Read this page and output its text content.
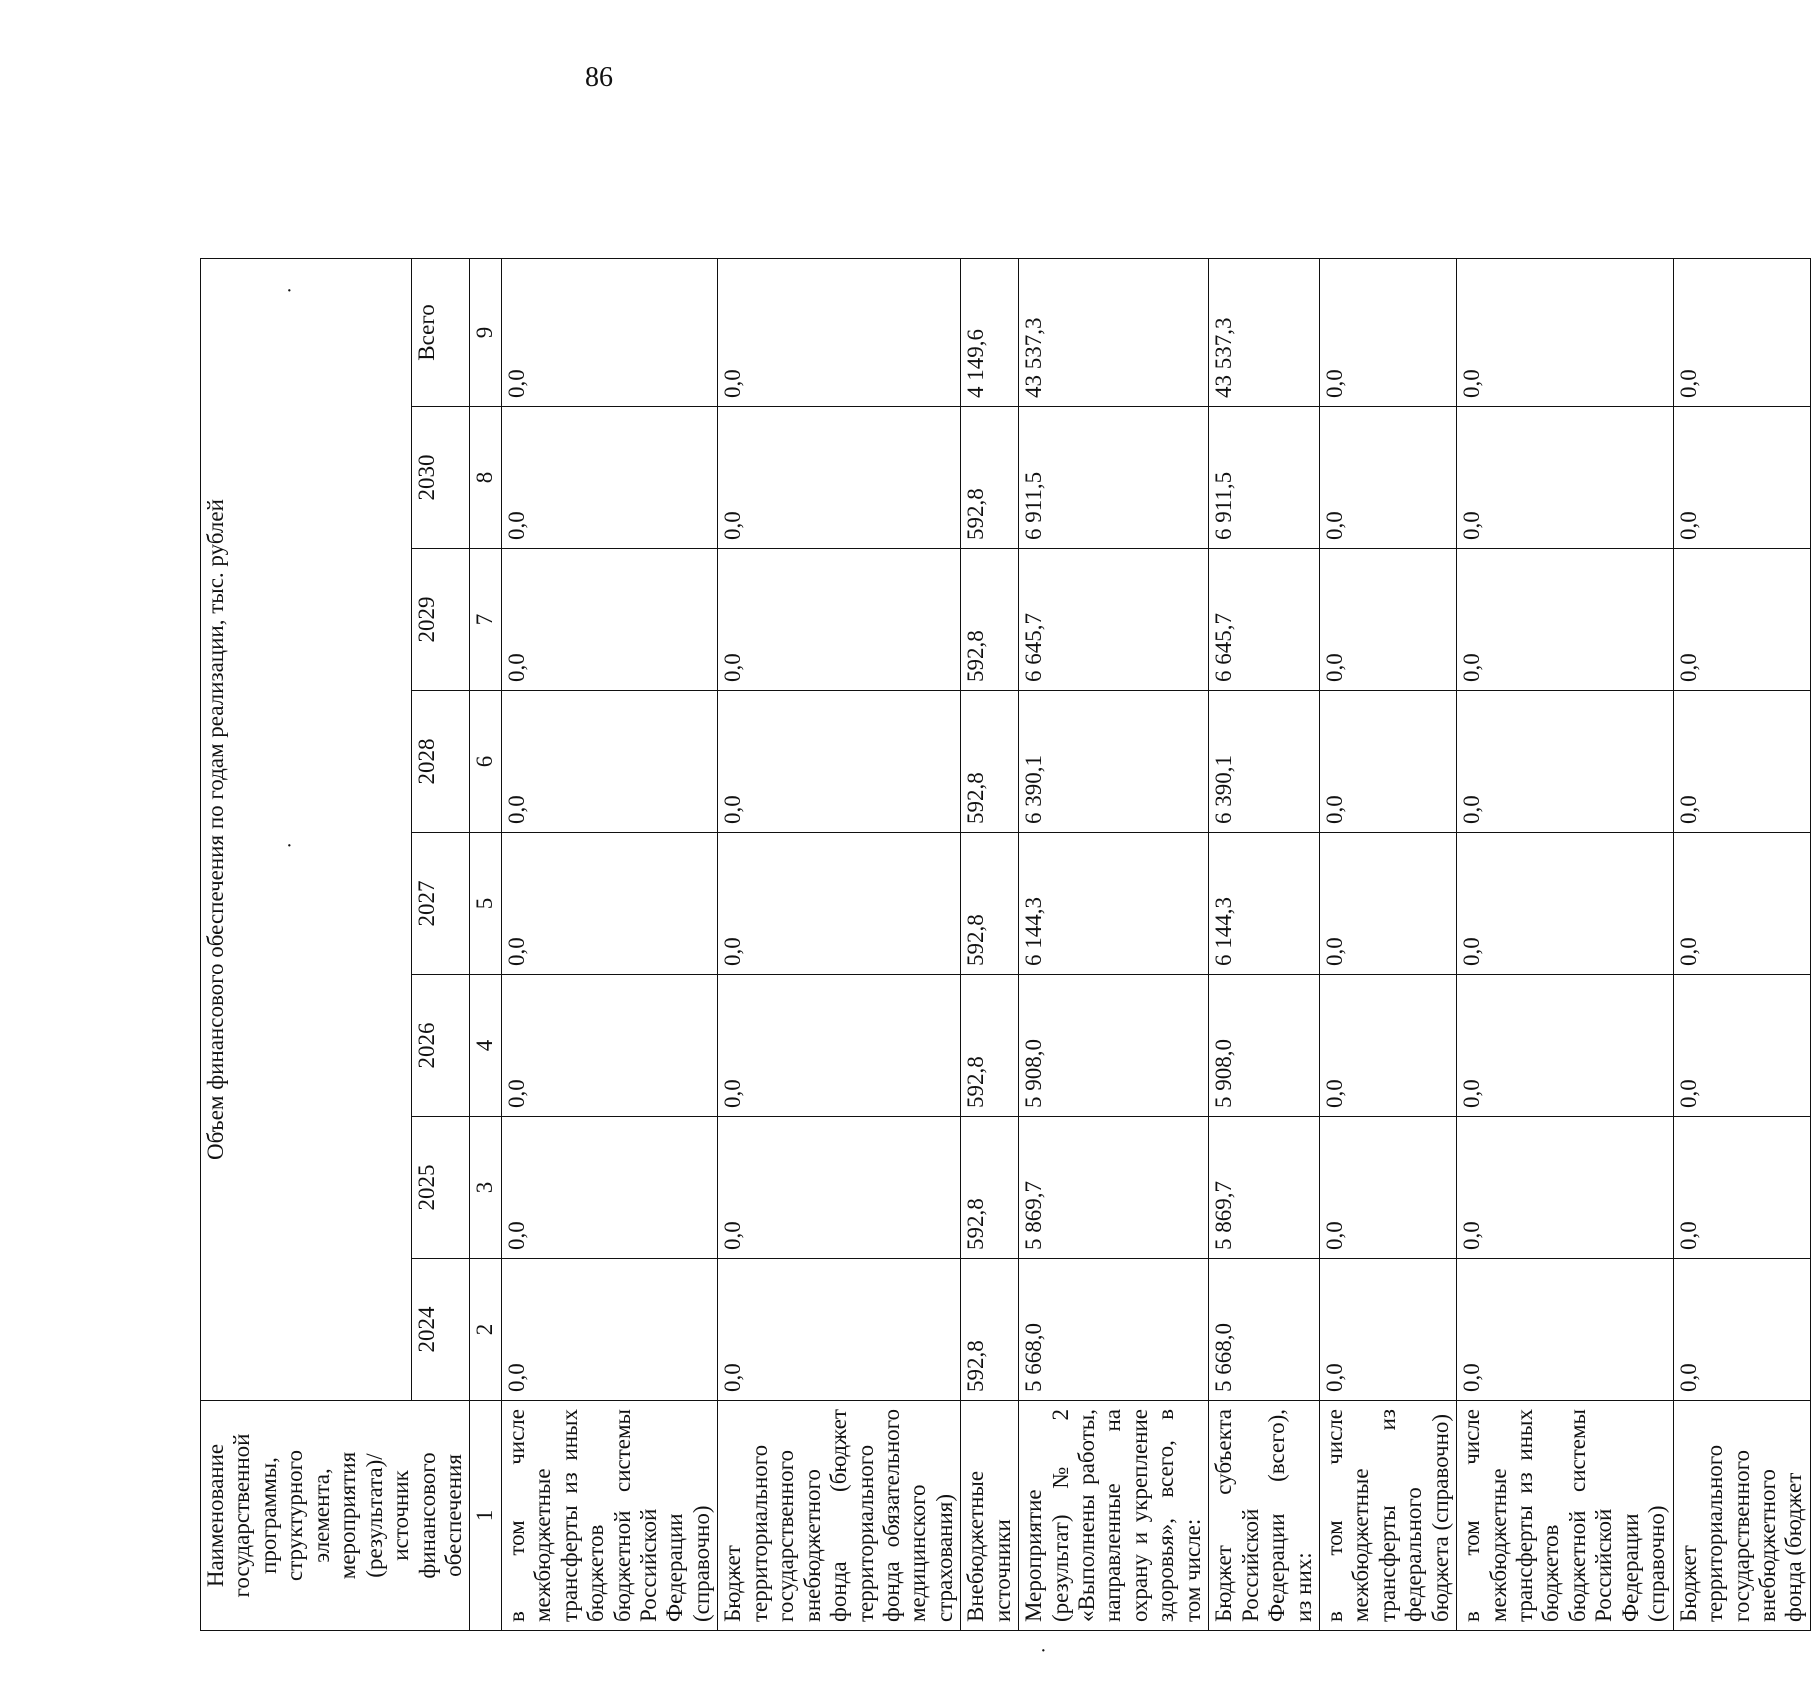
86
Наименование государственной программы, структурного элемента, мероприятия (результата)/источник финансового обеспечения	Объем финансового обеспечения по годам реализации, тыс. рублей							
	2024	2025	2026	2027	2028	2029	2030	Всего
1	2	3	4	5	6	7	8	9
в том числе межбюджетные трансферты из иных бюджетов бюджетной системы Российской Федерации (справочно)	0,0	0,0	0,0	0,0	0,0	0,0	0,0	0,0
Бюджет территориального государственного внебюджетного фонда (бюджет территориального фонда обязательного медицинского страхования)	0,0	0,0	0,0	0,0	0,0	0,0	0,0	0,0
Внебюджетные источники	592,8	592,8	592,8	592,8	592,8	592,8	592,8	4 149,6
Мероприятие (результат) № 2 «Выполнены работы, направленные на охрану и укрепление здоровья», всего, в том числе:	5 668,0	5 869,7	5 908,0	6 144,3	6 390,1	6 645,7	6 911,5	43 537,3
Бюджет субъекта Российской Федерации (всего), из них:	5 668,0	5 869,7	5 908,0	6 144,3	6 390,1	6 645,7	6 911,5	43 537,3
в том числе межбюджетные трансферты из федерального бюджета (справочно)	0,0	0,0	0,0	0,0	0,0	0,0	0,0	0,0
в том числе межбюджетные трансферты из иных бюджетов бюджетной системы Российской Федерации (справочно)	0,0	0,0	0,0	0,0	0,0	0,0	0,0	0,0
Бюджет территориального государственного внебюджетного фонда (бюджет	0,0	0,0	0,0	0,0	0,0	0,0	0,0	0,0
·
·
·
